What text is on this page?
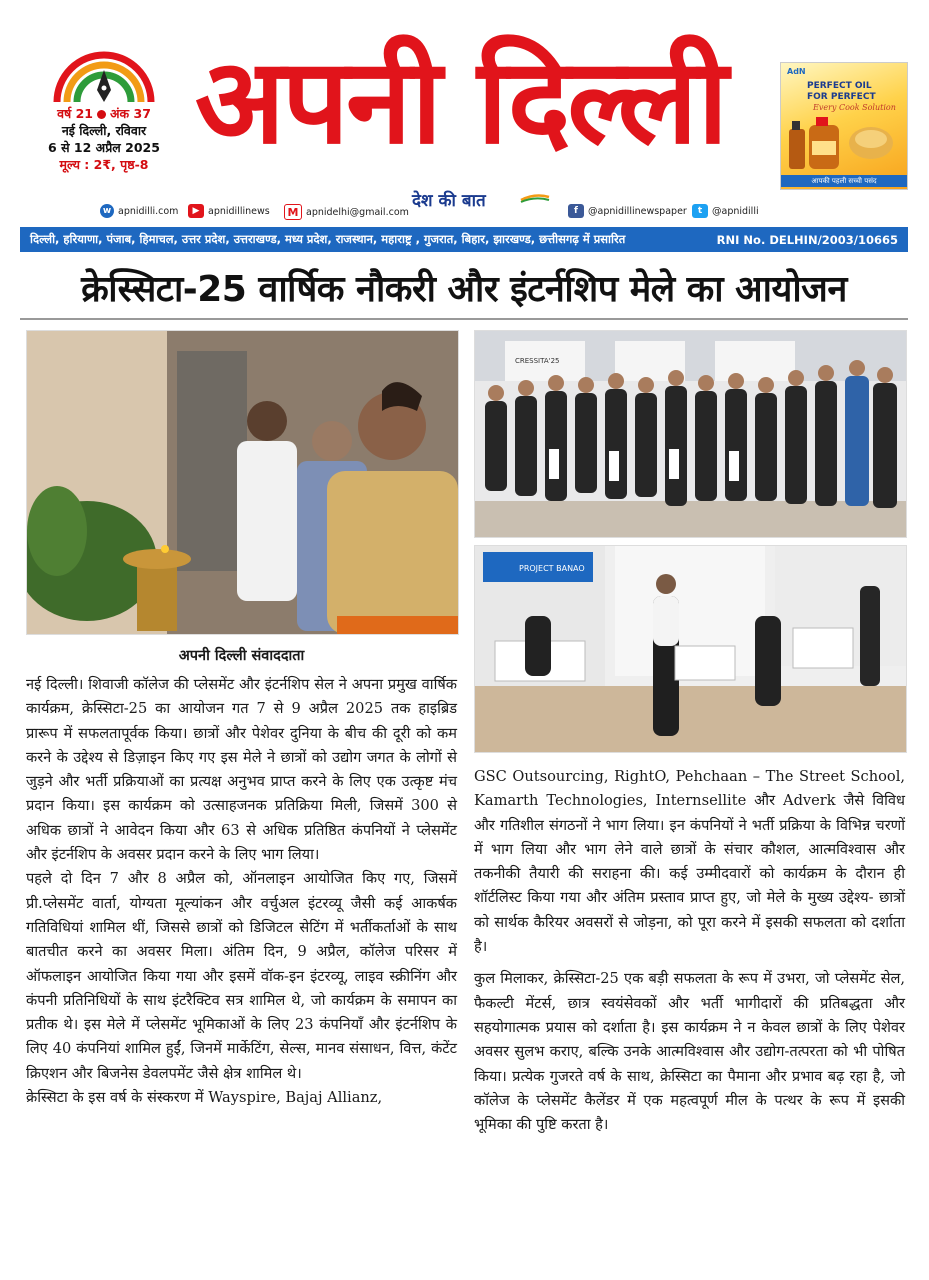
वर्ष 21 अंक 37
नई दिल्ली, रविवार
6 से 12 अप्रैल 2025
मूल्य : 2₹, पृष्ठ-8 अपनी दिल्ली
देश की बात
AdN
PERFECT OIL
FOR PERFECT
Every Cook Solution
आपकी पहली सच्ची पसंद
w apnidilli.com	▶ apnidillinews	M apnidelhi@gmail.com	f	@apnidillinewspaper	t	@apnidilli
दिल्ली, हरियाणा, पंजाब, हिमाचल, उत्तर प्रदेश, उत्तराखण्ड, मध्य प्रदेश, राजस्थान, महाराष्ट्र , गुजरात, बिहार, झारखण्ड, छत्तीसगढ़ में प्रसारित	RNI No. DELHIN/2003/10665
क्रेस्सिटा-25 वार्षिक नौकरी और इंटर्नशिप मेले का आयोजन
CRESSITA'25
PROJECT BANAO
अपनी दिल्ली संवाददाता

नई दिल्ली। शिवाजी कॉलेज की प्लेसमेंट और इंटर्नशिप सेल ने अपना प्रमुख वार्षिक कार्यक्रम, क्रेस्सिटा-25 का आयोजन गत 7 से 9 अप्रैल 2025 तक हाइब्रिड प्रारूप में सफलतापूर्वक किया। छात्रों और पेशेवर दुनिया के बीच की दूरी को कम करने के उद्देश्य से डिज़ाइन किए गए इस मेले ने छात्रों को उद्योग जगत के लोगों से जुड़ने और भर्ती प्रक्रियाओं का प्रत्यक्ष अनुभव प्राप्त करने के लिए एक उत्कृष्ट मंच प्रदान किया। इस कार्यक्रम को उत्साहजनक प्रतिक्रिया मिली, जिसमें 300 से अधिक छात्रों ने आवेदन किया और 63 से अधिक प्रतिष्ठित कंपनियों ने प्लेसमेंट और इंटर्नशिप के अवसर प्रदान करने के लिए भाग लिया।

पहले दो दिन 7 और 8 अप्रैल को, ऑनलाइन आयोजित किए गए, जिसमें प्री.प्लेसमेंट वार्ता, योग्यता मूल्यांकन और वर्चुअल इंटरव्यू जैसी कई आकर्षक गतिविधियां शामिल थीं, जिससे छात्रों को डिजिटल सेटिंग में भर्तीकर्ताओं के साथ बातचीत करने का अवसर मिला। अंतिम दिन, 9 अप्रैल, कॉलेज परिसर में ऑफलाइन आयोजित किया गया और इसमें वॉक-इन इंटरव्यू, लाइव स्क्रीनिंग और कंपनी प्रतिनिधियों के साथ इंटरैक्टिव सत्र शामिल थे, जो कार्यक्रम के समापन का प्रतीक थे। इस मेले में प्लेसमेंट भूमिकाओं के लिए 23 कंपनियाँ और इंटर्नशिप के लिए 40 कंपनियां शामिल हुईं, जिनमें मार्केटिंग, सेल्स, मानव संसाधन, वित्त, कंटेंट क्रिएशन और बिजनेस डेवलपमेंट जैसे क्षेत्र शामिल थे।

क्रेस्सिटा के इस वर्ष के संस्करण में Wayspire, Bajaj Allianz,

GSC Outsourcing, RightO, Pehchaan – The Street School, Kamarth Technologies, Internsellite और Adverk जैसे विविध और गतिशील संगठनों ने भाग लिया। इन कंपनियों ने भर्ती प्रक्रिया के विभिन्न चरणों में भाग लिया और भाग लेने वाले छात्रों के संचार कौशल, आत्मविश्वास और तकनीकी तैयारी की सराहना की। कई उम्मीदवारों को कार्यक्रम के दौरान ही शॉर्टलिस्ट किया गया और अंतिम प्रस्ताव प्राप्त हुए, जो मेले के मुख्य उद्देश्य- छात्रों को सार्थक कैरियर अवसरों से जोड़ना, को पूरा करने में इसकी सफलता को दर्शाता है।

कुल मिलाकर, क्रेस्सिटा-25 एक बड़ी सफलता के रूप में उभरा, जो प्लेसमेंट सेल, फैकल्टी मेंटर्स, छात्र स्वयंसेवकों और भर्ती भागीदारों की प्रतिबद्धता और सहयोगात्मक प्रयास को दर्शाता है। इस कार्यक्रम ने न केवल छात्रों के लिए पेशेवर अवसर सुलभ कराए, बल्कि उनके आत्मविश्वास और उद्योग-तत्परता को भी पोषित किया। प्रत्येक गुजरते वर्ष के साथ, क्रेस्सिटा का पैमाना और प्रभाव बढ़ रहा है, जो कॉलेज के प्लेसमेंट कैलेंडर में एक महत्वपूर्ण मील के पत्थर के रूप में इसकी भूमिका की पुष्टि करता है।
